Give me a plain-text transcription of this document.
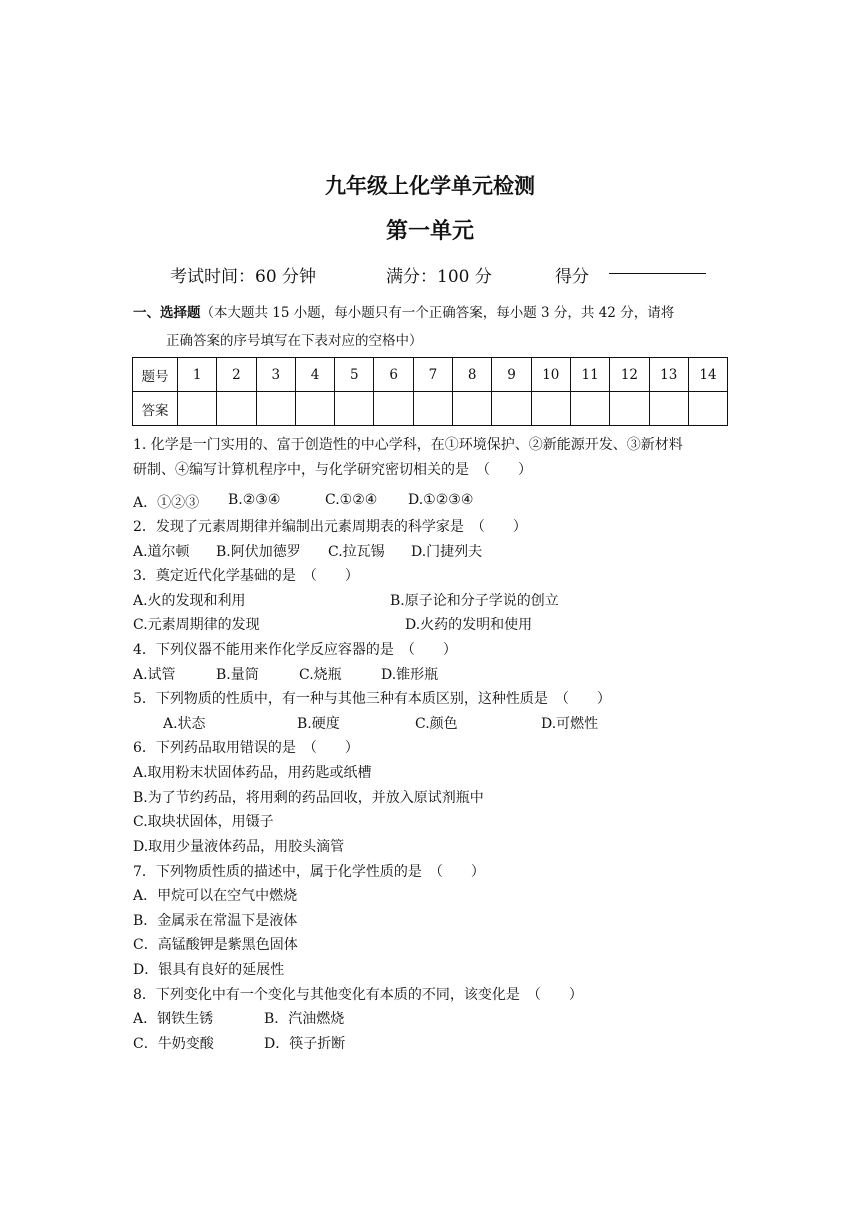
九年级上化学单元检测
第一单元
考试时间：60 分钟	满分：100 分	得分
一、选择题（本大题共 15 小题，每小题只有一个正确答案，每小题 3 分，共 42 分，请将
正确答案的序号填写在下表对应的空格中）
题号	1	2	3	4	5	6	7	8	9	10	11	12	13	14
答案														
1. 化学是一门实用的、富于创造性的中心学科，在①环境保护、②新能源开发、③新材料
研制、④编写计算机程序中，与化学研究密切相关的是　（　　）
A．①②③ B.②③④	C.①②④ D.①②③④
2．发现了元素周期律并编制出元素周期表的科学家是　（　　）
A.道尔顿 B.阿伏加德罗 C.拉瓦锡 D.门捷列夫
3．奠定近代化学基础的是　（　　）
A.火的发现和利用	B.原子论和分子学说的创立
C.元素周期律的发现	D.火药的发明和使用
4．下列仪器不能用来作化学反应容器的是　（　　）
A.试管	B.量筒	C.烧瓶	D.锥形瓶
5．下列物质的性质中，有一种与其他三种有本质区别，这种性质是　（　　）
A.状态	B.硬度	C.颜色	D.可燃性
6．下列药品取用错误的是　（　　）
A.取用粉末状固体药品，用药匙或纸槽
B.为了节约药品，将用剩的药品回收，并放入原试剂瓶中
C.取块状固体，用镊子
D.取用少量液体药品，用胶头滴管
7．下列物质性质的描述中，属于化学性质的是　（　　）
A．甲烷可以在空气中燃烧
B．金属汞在常温下是液体
C．高锰酸钾是紫黑色固体
D．银具有良好的延展性
8．下列变化中有一个变化与其他变化有本质的不同，该变化是　（　　）
A．钢铁生锈	B．汽油燃烧
C．牛奶变酸	D．筷子折断
